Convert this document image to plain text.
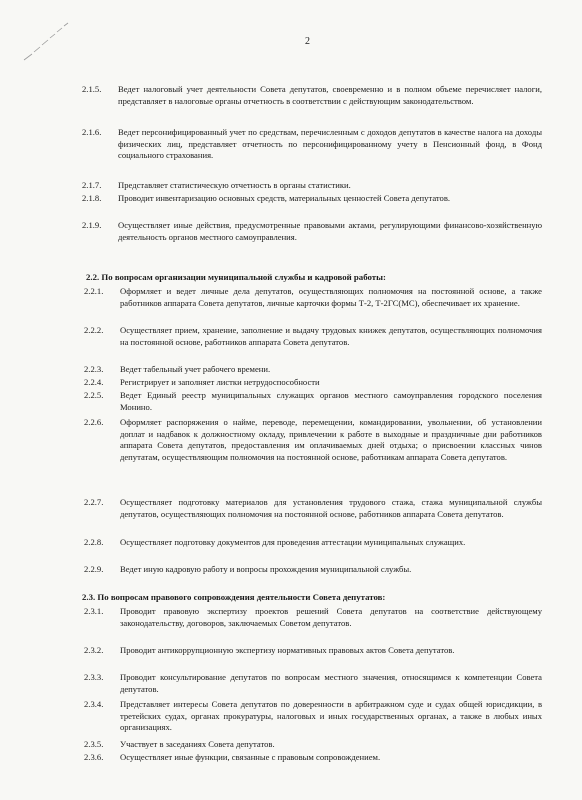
2
2.1.5. Ведет налоговый учет деятельности Совета депутатов, своевременно и в полном объеме перечисляет налоги, представляет в налоговые органы отчетность в соответствии с действующим законодательством.
2.1.6. Ведет персонифицированный учет по средствам, перечисленным с доходов депутатов в качестве налога на доходы физических лиц, представляет отчетность по персонифицированному учету в Пенсионный фонд, в Фонд социального страхования.
2.1.7. Представляет статистическую отчетность в органы статистики.
2.1.8. Проводит инвентаризацию основных средств, материальных ценностей Совета депутатов.
2.1.9. Осуществляет иные действия, предусмотренные правовыми актами, регулирующими финансово-хозяйственную деятельность органов местного самоуправления.
2.2. По вопросам организации муниципальной службы и кадровой работы:
2.2.1. Оформляет и ведет личные дела депутатов, осуществляющих полномочия на постоянной основе, а также работников аппарата Совета депутатов, личные карточки формы Т-2, Т-2ГС(МС), обеспечивает их хранение.
2.2.2. Осуществляет прием, хранение, заполнение и выдачу трудовых книжек депутатов, осуществляющих полномочия на постоянной основе, работников аппарата Совета депутатов.
2.2.3. Ведет табельный учет рабочего времени.
2.2.4. Регистрирует и заполняет листки нетрудоспособности
2.2.5. Ведет Единый реестр муниципальных служащих органов местного самоуправления городского поселения Монино.
2.2.6. Оформляет распоряжения о найме, переводе, перемещении, командировании, увольнении, об установлении доплат и надбавок к должностному окладу, привлечении к работе в выходные и праздничные дни работников аппарата Совета депутатов, предоставления им оплачиваемых дней отдыха; о присвоении классных чинов депутатам, осуществляющим полномочия на постоянной основе, работникам аппарата Совета депутатов.
2.2.7. Осуществляет подготовку материалов для установления трудового стажа, стажа муниципальной службы депутатов, осуществляющих полномочия на постоянной основе, работников аппарата Совета депутатов.
2.2.8. Осуществляет подготовку документов для проведения аттестации муниципальных служащих.
2.2.9. Ведет иную кадровую работу и вопросы прохождения муниципальной службы.
2.3. По вопросам правового сопровождения деятельности Совета депутатов:
2.3.1. Проводит правовую экспертизу проектов решений Совета депутатов на соответствие действующему законодательству, договоров, заключаемых Советом депутатов.
2.3.2. Проводит антикоррупционную экспертизу нормативных правовых актов Совета депутатов.
2.3.3. Проводит консультирование депутатов по вопросам местного значения, относящимся к компетенции Совета депутатов.
2.3.4. Представляет интересы Совета депутатов по доверенности в арбитражном суде и судах общей юрисдикции, в третейских судах, органах прокуратуры, налоговых и иных государственных органах, а также в любых иных организациях.
2.3.5. Участвует в заседаниях Совета депутатов.
2.3.6. Осуществляет иные функции, связанные с правовым сопровождением.
